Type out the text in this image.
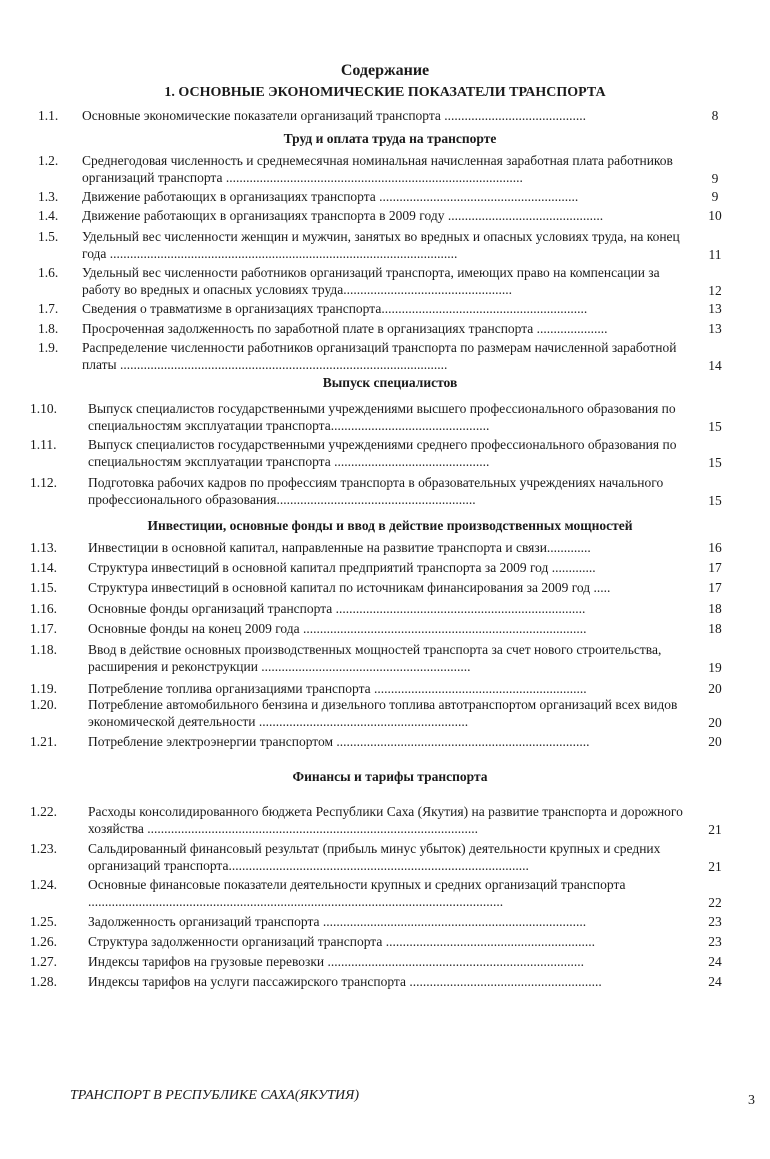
Содержание
1. ОСНОВНЫЕ ЭКОНОМИЧЕСКИЕ ПОКАЗАТЕЛИ ТРАНСПОРТА
Труд и оплата труда на транспорте
Выпуск специалистов
Инвестиции, основные фонды и ввод в действие производственных мощностей
Финансы и тарифы транспорта
1.1.	Основные экономические показатели организаций транспорта ..........................................	8
1.2.	Среднегодовая численность и среднемесячная номинальная начисленная заработная плата работников организаций транспорта ........................................................................................	9
1.3.	Движение работающих в организациях транспорта ...........................................................	9
1.4.	Движение работающих в организациях транспорта в 2009 году ..............................................	10
1.5.	Удельный вес численности женщин и мужчин, занятых во вредных и опасных условиях труда, на конец года .......................................................................................................	11
1.6.	Удельный вес численности работников организаций транспорта, имеющих право на компенсации за работу во вредных и опасных условиях труда..................................................	12
1.7.	Сведения о травматизме в организациях транспорта.............................................................	13
1.8.	Просроченная задолженность по заработной плате в организациях транспорта .....................	13
1.9.	Распределение численности работников организаций транспорта по размерам начисленной заработной платы .................................................................................................	14
1.10.	Выпуск специалистов государственными учреждениями высшего профессионального образования по специальностям эксплуатации транспорта...............................................	15
1.11.	Выпуск специалистов государственными учреждениями среднего профессионального образования по специальностям эксплуатации транспорта ..............................................	15
1.12.	Подготовка рабочих кадров по профессиям транспорта в образовательных учреждениях начального профессионального образования...........................................................	15
1.13.	Инвестиции в основной капитал, направленные на развитие транспорта и связи.............	16
1.14.	Структура инвестиций в основной капитал предприятий транспорта за 2009 год .............	17
1.15.	Структура инвестиций в основной капитал по источникам финансирования за 2009 год .....	17
1.16.	Основные фонды организаций транспорта ..........................................................................	18
1.17.	Основные фонды на конец 2009 года ....................................................................................	18
1.18.	Ввод в действие основных производственных мощностей транспорта за счет нового строительства, расширения и реконструкции ..............................................................	19
1.19.	Потребление топлива организациями транспорта ...............................................................	20
1.20.	Потребление автомобильного бензина и дизельного топлива автотранспортом организаций всех видов экономической деятельности ..............................................................	20
1.21.	Потребление электроэнергии транспортом ...........................................................................	20
1.22.	Расходы консолидированного бюджета Республики Саха (Якутия) на развитие транспорта и дорожного хозяйства ..................................................................................................	21
1.23.	Сальдированный финансовый результат (прибыль минус убыток) деятельности крупных и средних организаций транспорта.........................................................................................	21
1.24.	Основные финансовые показатели деятельности крупных и средних организаций транспорта ...........................................................................................................................	22
1.25.	Задолженность организаций транспорта ..............................................................................	23
1.26.	Структура задолженности организаций транспорта ..............................................................	23
1.27.	Индексы тарифов на грузовые перевозки ............................................................................	24
1.28.	Индексы тарифов на услуги пассажирского транспорта .........................................................	24
ТРАНСПОРТ В РЕСПУБЛИКЕ САХА(ЯКУТИЯ)	3
